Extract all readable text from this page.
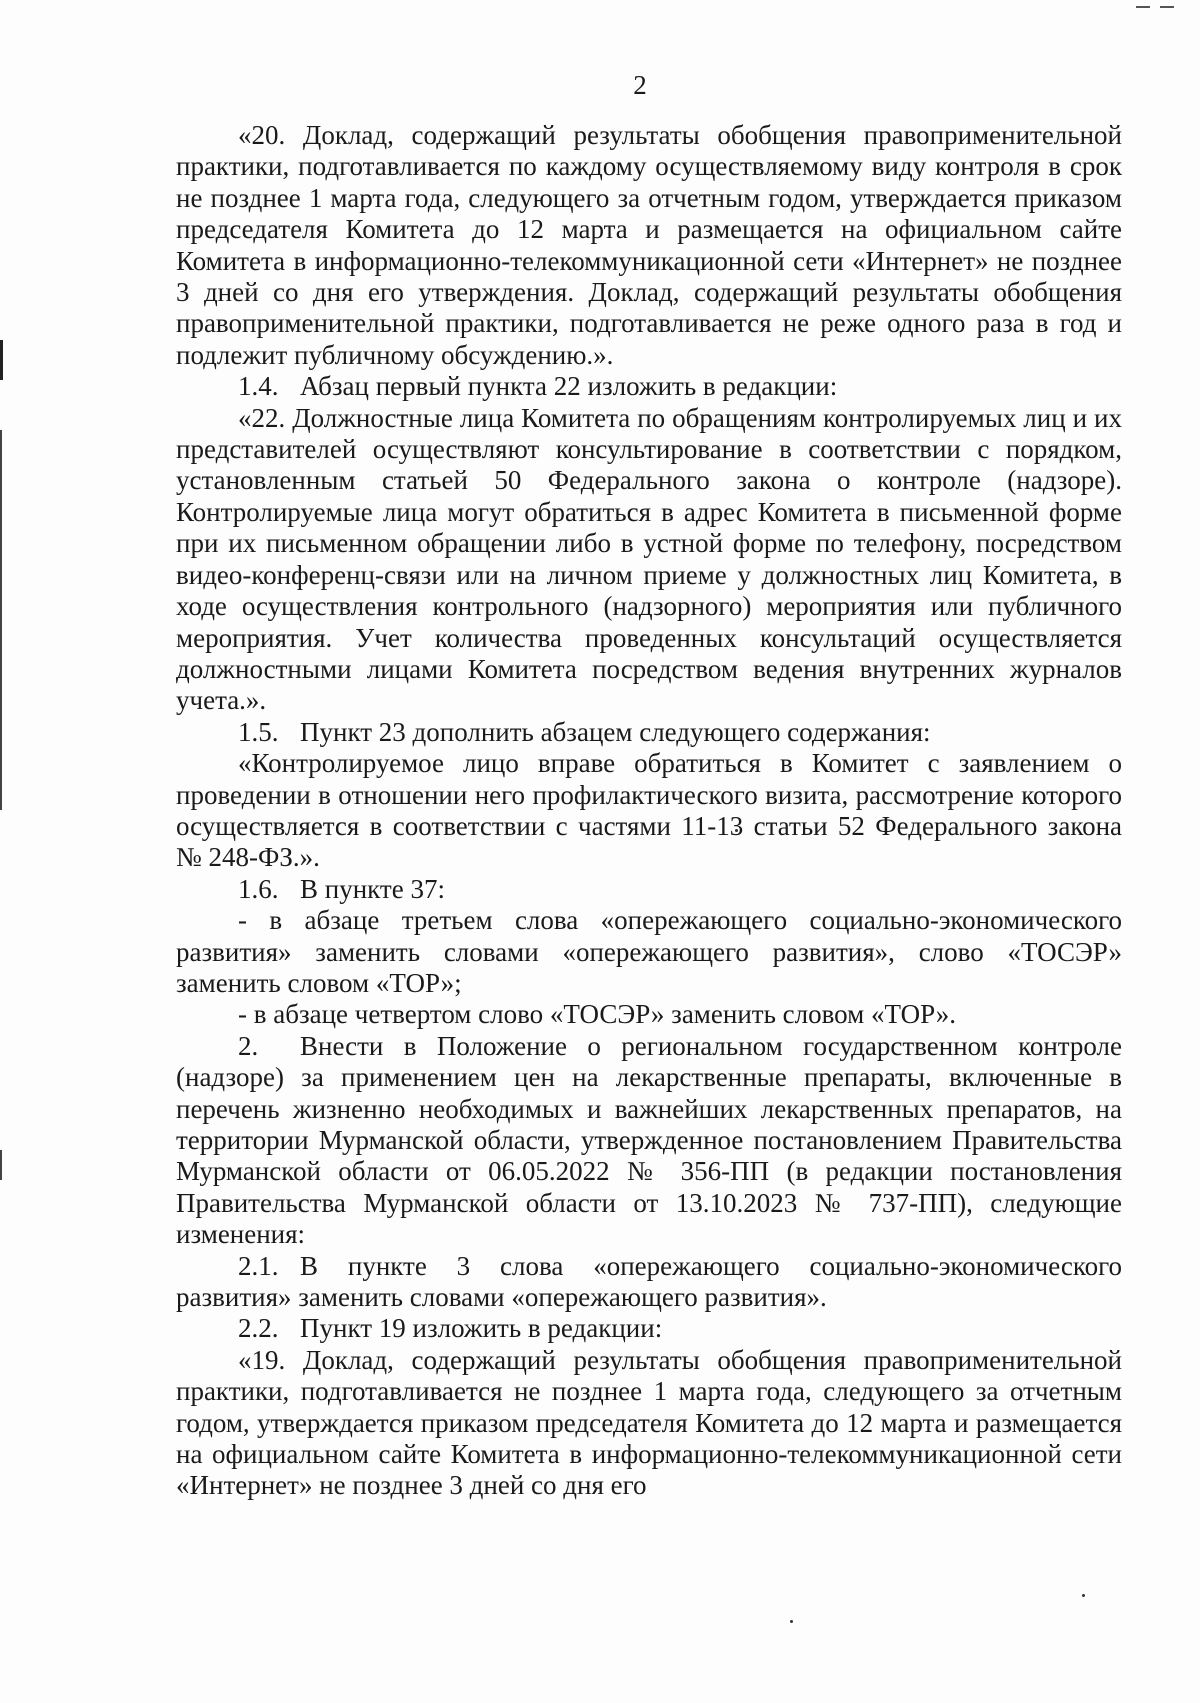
2

«20. Доклад, содержащий результаты обобщения правоприменительной практики, подготавливается по каждому осуществляемому виду контроля в срок не позднее 1 марта года, следующего за отчетным годом, утверждается приказом председателя Комитета до 12 марта и размещается на официальном сайте Комитета в информационно-телекоммуникационной сети «Интернет» не позднее 3 дней со дня его утверждения. Доклад, содержащий результаты обобщения правоприменительной практики, подготавливается не реже одного раза в год и подлежит публичному обсуждению.».

1.4. Абзац первый пункта 22 изложить в редакции:

«22. Должностные лица Комитета по обращениям контролируемых лиц и их представителей осуществляют консультирование в соответствии с порядком, установленным статьей 50 Федерального закона о контроле (надзоре). Контролируемые лица могут обратиться в адрес Комитета в письменной форме при их письменном обращении либо в устной форме по телефону, посредством видео-конференц-связи или на личном приеме у должностных лиц Комитета, в ходе осуществления контрольного (надзорного) мероприятия или публичного мероприятия. Учет количества проведенных консультаций осуществляется должностными лицами Комитета посредством ведения внутренних журналов учета.».

1.5. Пункт 23 дополнить абзацем следующего содержания:

«Контролируемое лицо вправе обратиться в Комитет с заявлением о проведении в отношении него профилактического визита, рассмотрение которого осуществляется в соответствии с частями 11-13 статьи 52 Федерального закона № 248-ФЗ.».

1.6. В пункте 37:

- в абзаце третьем слова «опережающего социально-экономического развития» заменить словами «опережающего развития», слово «ТОСЭР» заменить словом «ТОР»;

- в абзаце четвертом слово «ТОСЭР» заменить словом «ТОР».

2. Внести в Положение о региональном государственном контроле (надзоре) за применением цен на лекарственные препараты, включенные в перечень жизненно необходимых и важнейших лекарственных препаратов, на территории Мурманской области, утвержденное постановлением Правительства Мурманской области от 06.05.2022 № 356-ПП (в редакции постановления Правительства Мурманской области от 13.10.2023 № 737-ПП), следующие изменения:

2.1. В пункте 3 слова «опережающего социально-экономического развития» заменить словами «опережающего развития».

2.2. Пункт 19 изложить в редакции:

«19. Доклад, содержащий результаты обобщения правоприменительной практики, подготавливается не позднее 1 марта года, следующего за отчетным годом, утверждается приказом председателя Комитета до 12 марта и размещается на официальном сайте Комитета в информационно-телекоммуникационной сети «Интернет» не позднее 3 дней со дня его
